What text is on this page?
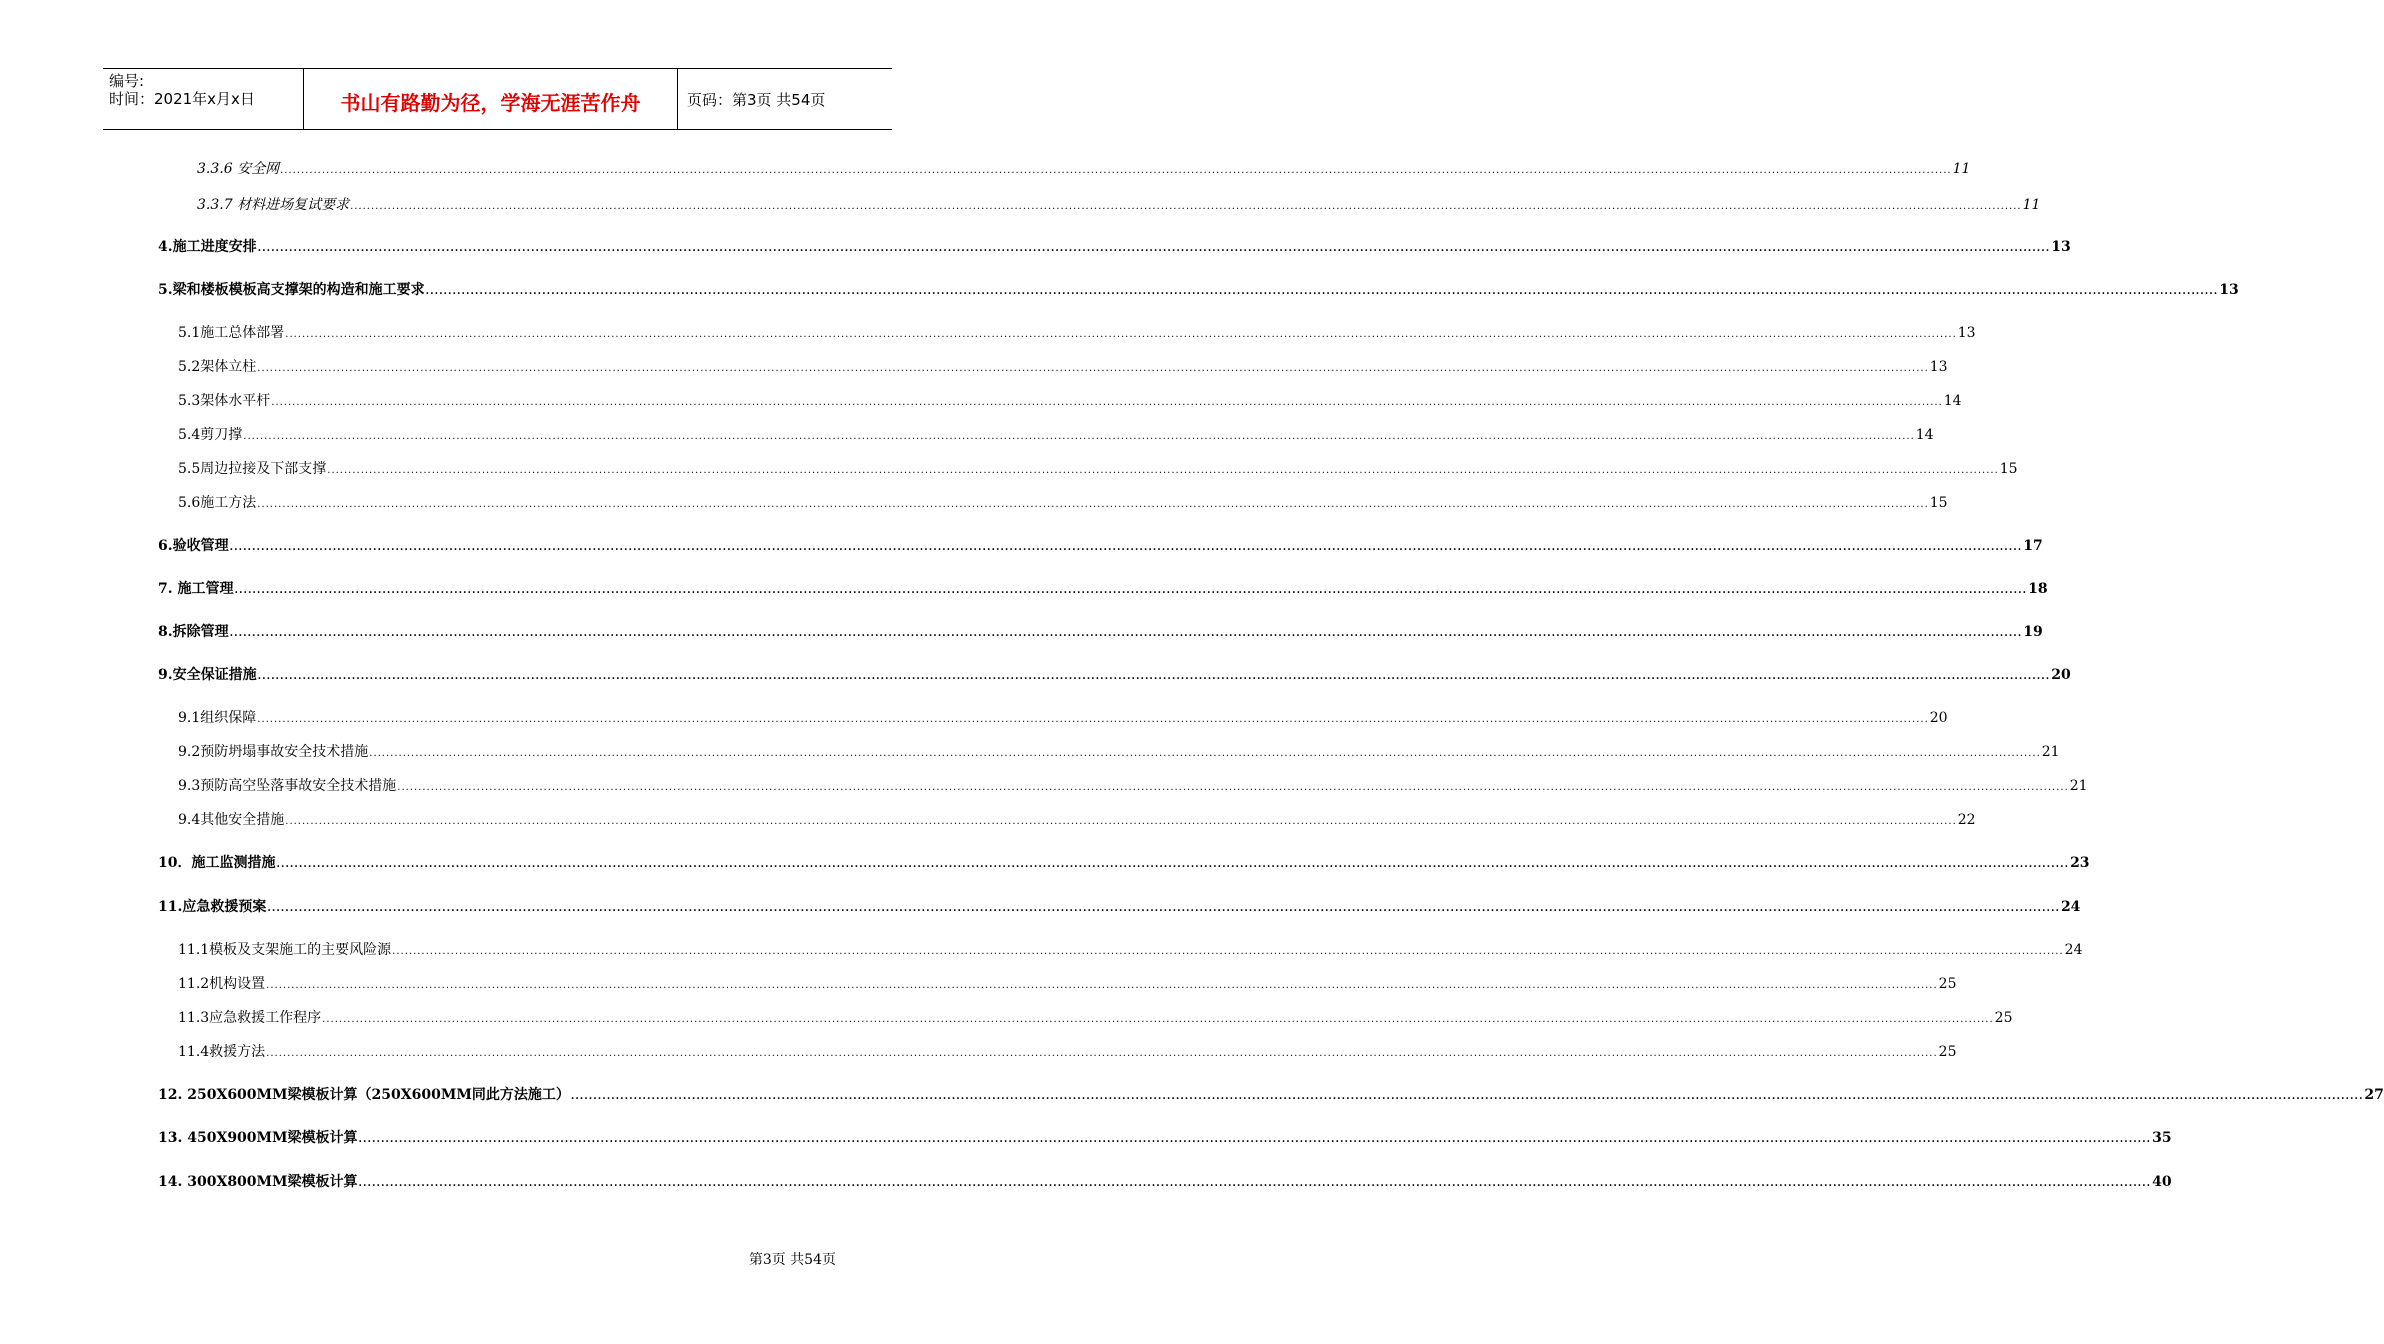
编号:
时间：2021年x月x日	书山有路勤为径，学海无涯苦作舟	页码：第3页 共54页
3.3.6 安全网 ................................................................................................................................................................................................................................................................................................................................................................................................................ 11
3.3.7 材料进场复试要求 ................................................................................................................................................................................................................................................................................................................................................................................................................ 11
4.施工进度安排 ................................................................................................................................................................................................................................................................................................................................................................................................................ 13
5.梁和楼板模板高支撑架的构造和施工要求 ................................................................................................................................................................................................................................................................................................................................................................................................................ 13
5.1施工总体部署 ................................................................................................................................................................................................................................................................................................................................................................................................................ 13
5.2架体立柱 ................................................................................................................................................................................................................................................................................................................................................................................................................ 13
5.3架体水平杆 ................................................................................................................................................................................................................................................................................................................................................................................................................ 14
5.4剪刀撑 ................................................................................................................................................................................................................................................................................................................................................................................................................ 14
5.5周边拉接及下部支撑 ................................................................................................................................................................................................................................................................................................................................................................................................................ 15
5.6施工方法 ................................................................................................................................................................................................................................................................................................................................................................................................................ 15
6.验收管理 ................................................................................................................................................................................................................................................................................................................................................................................................................ 17
7. 施工管理 ................................................................................................................................................................................................................................................................................................................................................................................................................ 18
8.拆除管理 ................................................................................................................................................................................................................................................................................................................................................................................................................ 19
9.安全保证措施 ................................................................................................................................................................................................................................................................................................................................................................................................................ 20
9.1组织保障 ................................................................................................................................................................................................................................................................................................................................................................................................................ 20
9.2预防坍塌事故安全技术措施 ................................................................................................................................................................................................................................................................................................................................................................................................................ 21
9.3预防高空坠落事故安全技术措施 ................................................................................................................................................................................................................................................................................................................................................................................................................ 21
9.4其他安全措施 ................................................................................................................................................................................................................................................................................................................................................................................................................ 22
10．施工监测措施 ................................................................................................................................................................................................................................................................................................................................................................................................................ 23
11.应急救援预案 ................................................................................................................................................................................................................................................................................................................................................................................................................ 24
11.1模板及支架施工的主要风险源 ................................................................................................................................................................................................................................................................................................................................................................................................................ 24
11.2机构设置 ................................................................................................................................................................................................................................................................................................................................................................................................................ 25
11.3应急救援工作程序 ................................................................................................................................................................................................................................................................................................................................................................................................................ 25
11.4救援方法 ................................................................................................................................................................................................................................................................................................................................................................................................................ 25
12. 250X600MM梁模板计算（250X600MM同此方法施工） ................................................................................................................................................................................................................................................................................................................................................................................................................ 27
13. 450X900MM梁模板计算 ................................................................................................................................................................................................................................................................................................................................................................................................................ 35
14. 300X800MM梁模板计算 ................................................................................................................................................................................................................................................................................................................................................................................................................ 40
第3页 共54页
